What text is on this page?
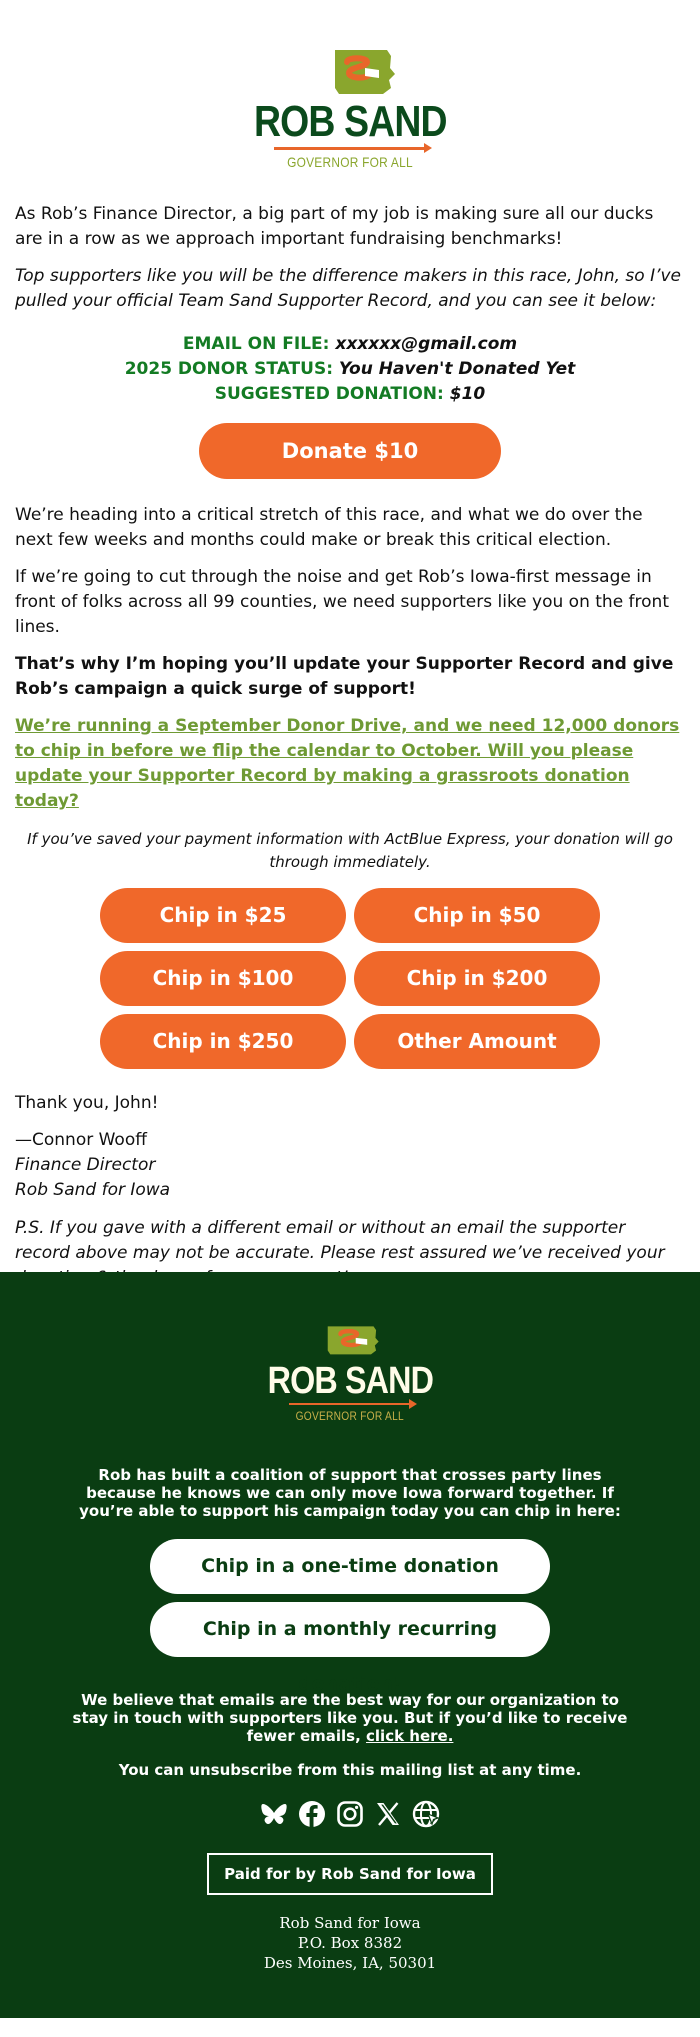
ROB SAND
GOVERNOR FOR ALL

As Rob’s Finance Director, a big part of my job is making sure all our ducks are in a row as we approach important fundraising benchmarks!

Top supporters like you will be the difference makers in this race, John, so I’ve pulled your official Team Sand Supporter Record, and you can see it below:

EMAIL ON FILE: xxxxxx@gmail.com
2025 DONOR STATUS: You Haven't Donated Yet
SUGGESTED DONATION: $10
Donate $10

We’re heading into a critical stretch of this race, and what we do over the next few weeks and months could make or break this critical election.

If we’re going to cut through the noise and get Rob’s Iowa-first message in front of folks across all 99 counties, we need supporters like you on the front lines.

That’s why I’m hoping you’ll update your Supporter Record and give Rob’s campaign a quick surge of support!

We’re running a September Donor Drive, and we need 12,000 donors to chip in before we flip the calendar to October. Will you please update your Supporter Record by making a grassroots donation today?

If you’ve saved your payment information with ActBlue Express, your donation will go through immediately.

Chip in $25	Chip in $50
Chip in $100	Chip in $200
Chip in $250	Other Amount

Thank you, John!

—Connor Wooff
Finance Director
Rob Sand for Iowa

P.S. If you gave with a different email or without an email the supporter record above may not be accurate. Please rest assured we’ve received your

ROB SAND
GOVERNOR FOR ALL

Rob has built a coalition of support that crosses party lines because he knows we can only move Iowa forward together. If you’re able to support his campaign today you can chip in here:

Chip in a one-time donation
Chip in a monthly recurring donation!

We believe that emails are the best way for our organization to stay in touch with supporters like you. But if you’d like to receive fewer emails, click here.

You can unsubscribe from this mailing list at any time.

Paid for by Rob Sand for Iowa
Rob Sand for Iowa
P.O. Box 8382
Des Moines, IA, 50301
